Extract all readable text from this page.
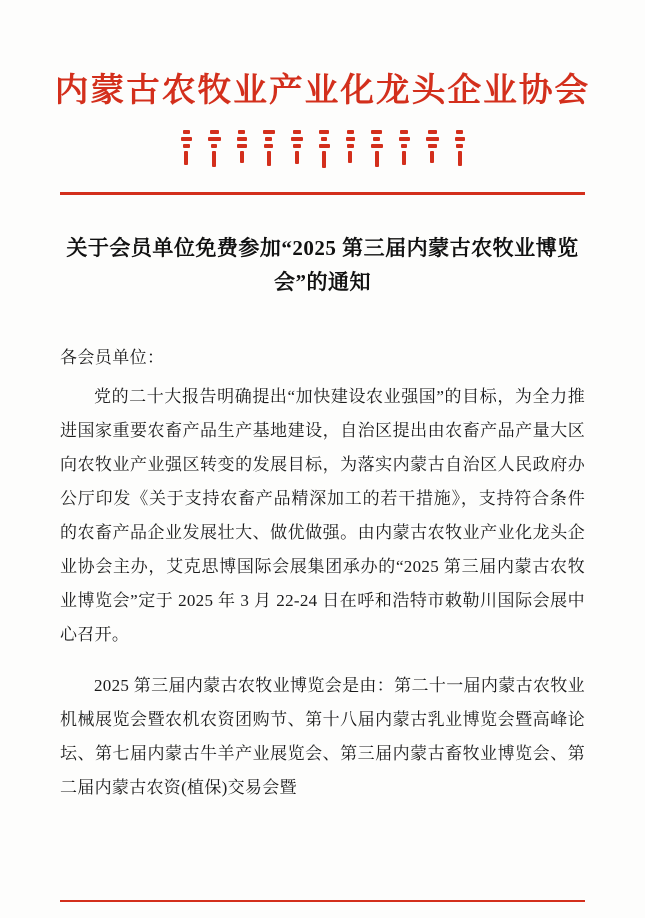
内蒙古农牧业产业化龙头企业协会
关于会员单位免费参加“2025 第三届内蒙古农牧业博览会”的通知
各会员单位：

党的二十大报告明确提出“加快建设农业强国”的目标，为全力推进国家重要农畜产品生产基地建设，自治区提出由农畜产品产量大区向农牧业产业强区转变的发展目标，为落实内蒙古自治区人民政府办公厅印发《关于支持农畜产品精深加工的若干措施》，支持符合条件的农畜产品企业发展壮大、做优做强。由内蒙古农牧业产业化龙头企业协会主办，艾克思博国际会展集团承办的“2025 第三届内蒙古农牧业博览会”定于 2025 年 3 月 22-24 日在呼和浩特市敕勒川国际会展中心召开。

2025 第三届内蒙古农牧业博览会是由：第二十一届内蒙古农牧业机械展览会暨农机农资团购节、第十八届内蒙古乳业博览会暨高峰论坛、第七届内蒙古牛羊产业展览会、第三届内蒙古畜牧业博览会、第二届内蒙古农资(植保)交易会暨
